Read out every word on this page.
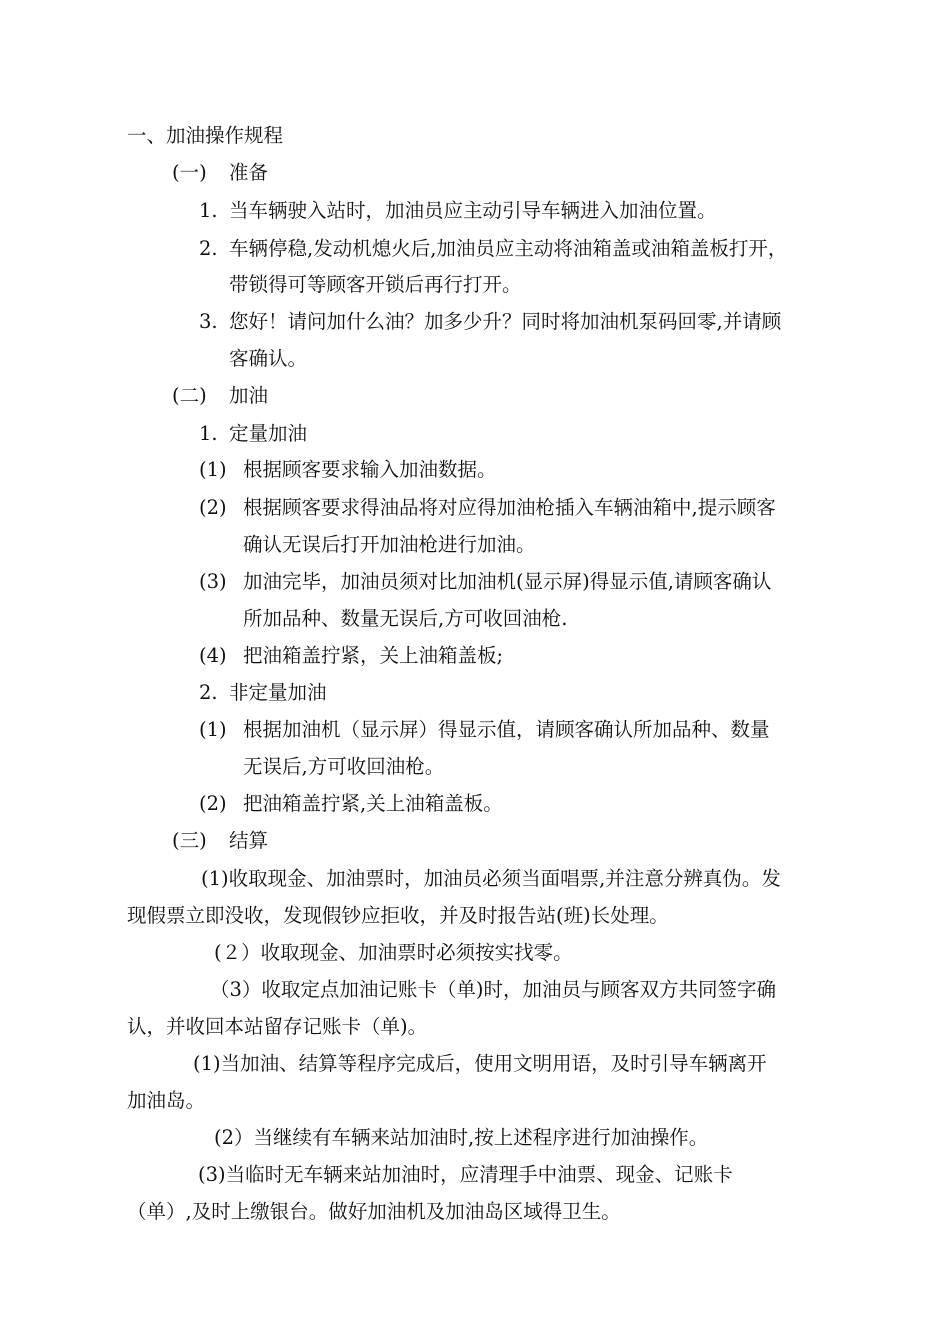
一、加油操作规程
(一) 准备
1. 当车辆驶入站时，加油员应主动引导车辆进入加油位置。
2. 车辆停稳,发动机熄火后,加油员应主动将油箱盖或油箱盖板打开，
带锁得可等顾客开锁后再行打开。
3. 您好！请问加什么油？加多少升？同时将加油机泵码回零,并请顾
客确认。
(二) 加油
1. 定量加油
(1) 根据顾客要求输入加油数据。
(2) 根据顾客要求得油品将对应得加油枪插入车辆油箱中,提示顾客
确认无误后打开加油枪进行加油。
(3) 加油完毕，加油员须对比加油机(显示屏)得显示值,请顾客确认
所加品种、数量无误后,方可收回油枪.
(4) 把油箱盖拧紧，关上油箱盖板;
2. 非定量加油
(1) 根据加油机（显示屏）得显示值，请顾客确认所加品种、数量
无误后,方可收回油枪。
(2) 把油箱盖拧紧,关上油箱盖板。
(三) 结算
(1)收取现金、加油票时，加油员必须当面唱票,并注意分辨真伪。发
现假票立即没收，发现假钞应拒收，并及时报告站(班)长处理。
(２）收取现金、加油票时必须按实找零。
（3）收取定点加油记账卡（单)时，加油员与顾客双方共同签字确
认，并收回本站留存记账卡（单)。
(1)当加油、结算等程序完成后，使用文明用语，及时引导车辆离开
加油岛。
(2）当继续有车辆来站加油时,按上述程序进行加油操作。
(3)当临时无车辆来站加油时，应清理手中油票、现金、记账卡
（单）,及时上缴银台。做好加油机及加油岛区域得卫生。
